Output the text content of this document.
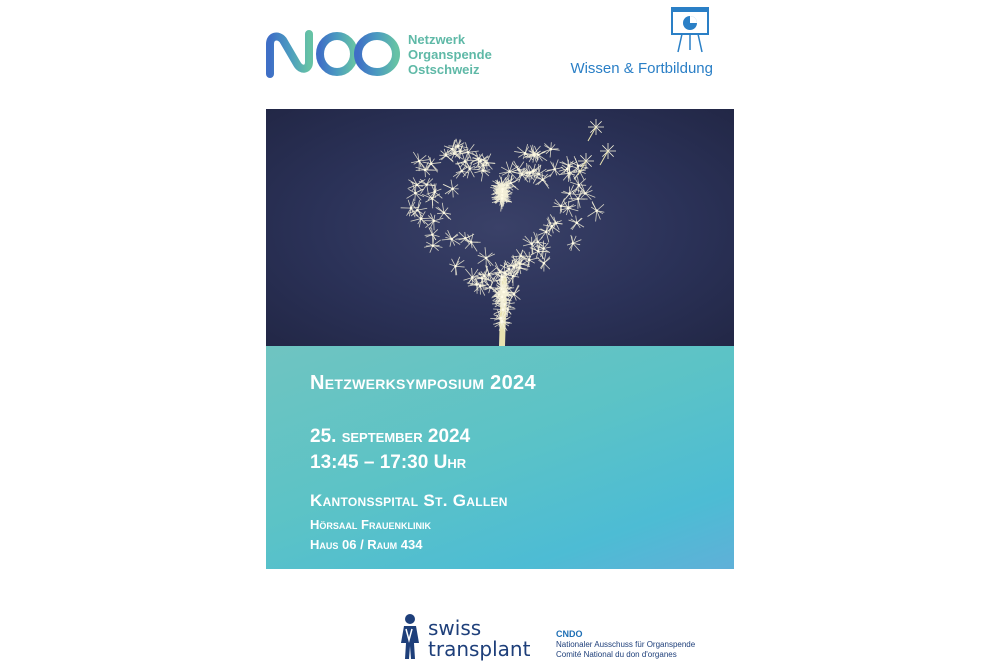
Netzwerk
Organspende
Ostschweiz	Wissen & Fortbildung
Netzwerksymposium 2024
25. september 2024
13:45 – 17:30 Uhr
Kantonsspital St. Gallen
Hörsaal Frauenklinik
Haus 06 / Raum 434
swiss
transplant
CNDO
Nationaler Ausschuss für Organspende
Comité National du don d'organes
